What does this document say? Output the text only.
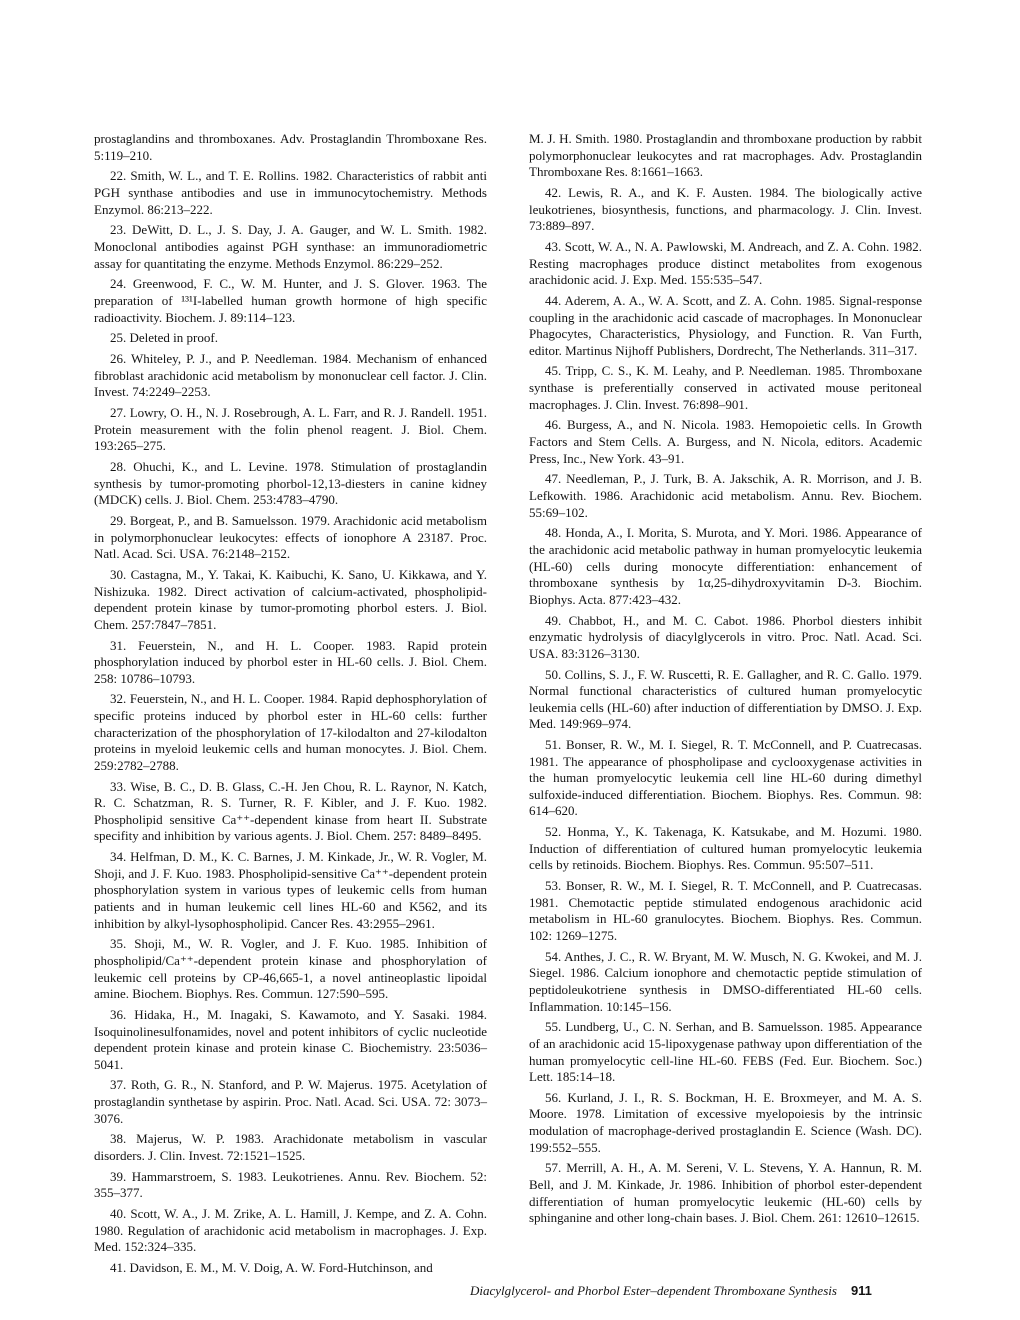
prostaglandins and thromboxanes. Adv. Prostaglandin Thromboxane Res. 5:119–210.

22. Smith, W. L., and T. E. Rollins. 1982. Characteristics of rabbit anti PGH synthase antibodies and use in immunocytochemistry. Methods Enzymol. 86:213–222.

23. DeWitt, D. L., J. S. Day, J. A. Gauger, and W. L. Smith. 1982. Monoclonal antibodies against PGH synthase: an immunoradiometric assay for quantitating the enzyme. Methods Enzymol. 86:229–252.

24. Greenwood, F. C., W. M. Hunter, and J. S. Glover. 1963. The preparation of ¹³¹I-labelled human growth hormone of high specific radioactivity. Biochem. J. 89:114–123.

25. Deleted in proof.

26. Whiteley, P. J., and P. Needleman. 1984. Mechanism of enhanced fibroblast arachidonic acid metabolism by mononuclear cell factor. J. Clin. Invest. 74:2249–2253.

27. Lowry, O. H., N. J. Rosebrough, A. L. Farr, and R. J. Randell. 1951. Protein measurement with the folin phenol reagent. J. Biol. Chem. 193:265–275.

28. Ohuchi, K., and L. Levine. 1978. Stimulation of prostaglandin synthesis by tumor-promoting phorbol-12,13-diesters in canine kidney (MDCK) cells. J. Biol. Chem. 253:4783–4790.

29. Borgeat, P., and B. Samuelsson. 1979. Arachidonic acid metabolism in polymorphonuclear leukocytes: effects of ionophore A 23187. Proc. Natl. Acad. Sci. USA. 76:2148–2152.

30. Castagna, M., Y. Takai, K. Kaibuchi, K. Sano, U. Kikkawa, and Y. Nishizuka. 1982. Direct activation of calcium-activated, phospholipid-dependent protein kinase by tumor-promoting phorbol esters. J. Biol. Chem. 257:7847–7851.

31. Feuerstein, N., and H. L. Cooper. 1983. Rapid protein phosphorylation induced by phorbol ester in HL-60 cells. J. Biol. Chem. 258: 10786–10793.

32. Feuerstein, N., and H. L. Cooper. 1984. Rapid dephosphorylation of specific proteins induced by phorbol ester in HL-60 cells: further characterization of the phosphorylation of 17-kilodalton and 27-kilodalton proteins in myeloid leukemic cells and human monocytes. J. Biol. Chem. 259:2782–2788.

33. Wise, B. C., D. B. Glass, C.-H. Jen Chou, R. L. Raynor, N. Katch, R. C. Schatzman, R. S. Turner, R. F. Kibler, and J. F. Kuo. 1982. Phospholipid sensitive Ca⁺⁺-dependent kinase from heart II. Substrate specifity and inhibition by various agents. J. Biol. Chem. 257: 8489–8495.

34. Helfman, D. M., K. C. Barnes, J. M. Kinkade, Jr., W. R. Vogler, M. Shoji, and J. F. Kuo. 1983. Phospholipid-sensitive Ca⁺⁺-dependent protein phosphorylation system in various types of leukemic cells from human patients and in human leukemic cell lines HL-60 and K562, and its inhibition by alkyl-lysophospholipid. Cancer Res. 43:2955–2961.

35. Shoji, M., W. R. Vogler, and J. F. Kuo. 1985. Inhibition of phospholipid/Ca⁺⁺-dependent protein kinase and phosphorylation of leukemic cell proteins by CP-46,665-1, a novel antineoplastic lipoidal amine. Biochem. Biophys. Res. Commun. 127:590–595.

36. Hidaka, H., M. Inagaki, S. Kawamoto, and Y. Sasaki. 1984. Isoquinolinesulfonamides, novel and potent inhibitors of cyclic nucleotide dependent protein kinase and protein kinase C. Biochemistry. 23:5036–5041.

37. Roth, G. R., N. Stanford, and P. W. Majerus. 1975. Acetylation of prostaglandin synthetase by aspirin. Proc. Natl. Acad. Sci. USA. 72: 3073–3076.

38. Majerus, W. P. 1983. Arachidonate metabolism in vascular disorders. J. Clin. Invest. 72:1521–1525.

39. Hammarstroem, S. 1983. Leukotrienes. Annu. Rev. Biochem. 52: 355–377.

40. Scott, W. A., J. M. Zrike, A. L. Hamill, J. Kempe, and Z. A. Cohn. 1980. Regulation of arachidonic acid metabolism in macrophages. J. Exp. Med. 152:324–335.

41. Davidson, E. M., M. V. Doig, A. W. Ford-Hutchinson, and

M. J. H. Smith. 1980. Prostaglandin and thromboxane production by rabbit polymorphonuclear leukocytes and rat macrophages. Adv. Prostaglandin Thromboxane Res. 8:1661–1663.

42. Lewis, R. A., and K. F. Austen. 1984. The biologically active leukotrienes, biosynthesis, functions, and pharmacology. J. Clin. Invest. 73:889–897.

43. Scott, W. A., N. A. Pawlowski, M. Andreach, and Z. A. Cohn. 1982. Resting macrophages produce distinct metabolites from exogenous arachidonic acid. J. Exp. Med. 155:535–547.

44. Aderem, A. A., W. A. Scott, and Z. A. Cohn. 1985. Signal-response coupling in the arachidonic acid cascade of macrophages. In Mononuclear Phagocytes, Characteristics, Physiology, and Function. R. Van Furth, editor. Martinus Nijhoff Publishers, Dordrecht, The Netherlands. 311–317.

45. Tripp, C. S., K. M. Leahy, and P. Needleman. 1985. Thromboxane synthase is preferentially conserved in activated mouse peritoneal macrophages. J. Clin. Invest. 76:898–901.

46. Burgess, A., and N. Nicola. 1983. Hemopoietic cells. In Growth Factors and Stem Cells. A. Burgess, and N. Nicola, editors. Academic Press, Inc., New York. 43–91.

47. Needleman, P., J. Turk, B. A. Jakschik, A. R. Morrison, and J. B. Lefkowith. 1986. Arachidonic acid metabolism. Annu. Rev. Biochem. 55:69–102.

48. Honda, A., I. Morita, S. Murota, and Y. Mori. 1986. Appearance of the arachidonic acid metabolic pathway in human promyelocytic leukemia (HL-60) cells during monocyte differentiation: enhancement of thromboxane synthesis by 1α,25-dihydroxyvitamin D-3. Biochim. Biophys. Acta. 877:423–432.

49. Chabbot, H., and M. C. Cabot. 1986. Phorbol diesters inhibit enzymatic hydrolysis of diacylglycerols in vitro. Proc. Natl. Acad. Sci. USA. 83:3126–3130.

50. Collins, S. J., F. W. Ruscetti, R. E. Gallagher, and R. C. Gallo. 1979. Normal functional characteristics of cultured human promyelocytic leukemia cells (HL-60) after induction of differentiation by DMSO. J. Exp. Med. 149:969–974.

51. Bonser, R. W., M. I. Siegel, R. T. McConnell, and P. Cuatrecasas. 1981. The appearance of phospholipase and cyclooxygenase activities in the human promyelocytic leukemia cell line HL-60 during dimethyl sulfoxide-induced differentiation. Biochem. Biophys. Res. Commun. 98: 614–620.

52. Honma, Y., K. Takenaga, K. Katsukabe, and M. Hozumi. 1980. Induction of differentiation of cultured human promyelocytic leukemia cells by retinoids. Biochem. Biophys. Res. Commun. 95:507–511.

53. Bonser, R. W., M. I. Siegel, R. T. McConnell, and P. Cuatrecasas. 1981. Chemotactic peptide stimulated endogenous arachidonic acid metabolism in HL-60 granulocytes. Biochem. Biophys. Res. Commun. 102: 1269–1275.

54. Anthes, J. C., R. W. Bryant, M. W. Musch, N. G. Kwokei, and M. J. Siegel. 1986. Calcium ionophore and chemotactic peptide stimulation of peptidoleukotriene synthesis in DMSO-differentiated HL-60 cells. Inflammation. 10:145–156.

55. Lundberg, U., C. N. Serhan, and B. Samuelsson. 1985. Appearance of an arachidonic acid 15-lipoxygenase pathway upon differentiation of the human promyelocytic cell-line HL-60. FEBS (Fed. Eur. Biochem. Soc.) Lett. 185:14–18.

56. Kurland, J. I., R. S. Bockman, H. E. Broxmeyer, and M. A. S. Moore. 1978. Limitation of excessive myelopoiesis by the intrinsic modulation of macrophage-derived prostaglandin E. Science (Wash. DC). 199:552–555.

57. Merrill, A. H., A. M. Sereni, V. L. Stevens, Y. A. Hannun, R. M. Bell, and J. M. Kinkade, Jr. 1986. Inhibition of phorbol ester-dependent differentiation of human promyelocytic leukemic (HL-60) cells by sphinganine and other long-chain bases. J. Biol. Chem. 261: 12610–12615.

Diacylglycerol- and Phorbol Ester–dependent Thromboxane Synthesis 911
